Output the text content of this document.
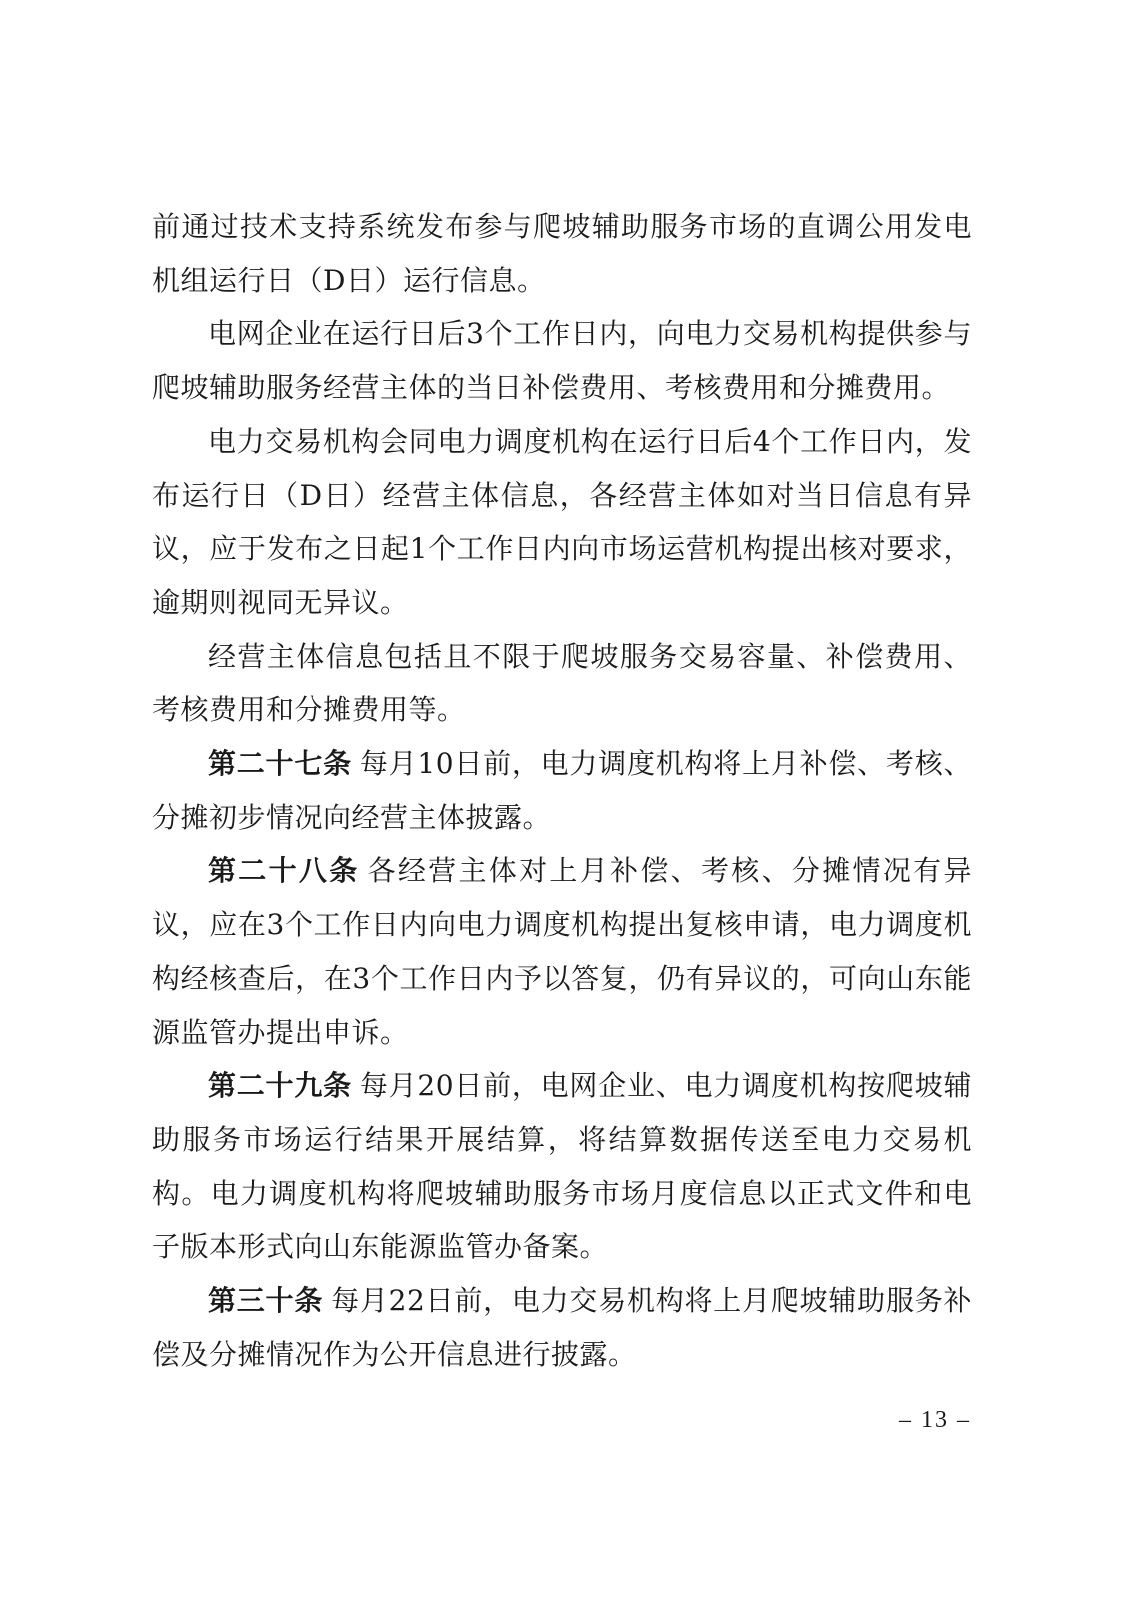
前通过技术支持系统发布参与爬坡辅助服务市场的直调公用发电机组运行日（D日）运行信息。

电网企业在运行日后3个工作日内，向电力交易机构提供参与爬坡辅助服务经营主体的当日补偿费用、考核费用和分摊费用。

电力交易机构会同电力调度机构在运行日后4个工作日内，发布运行日（D日）经营主体信息，各经营主体如对当日信息有异议，应于发布之日起1个工作日内向市场运营机构提出核对要求，逾期则视同无异议。

经营主体信息包括且不限于爬坡服务交易容量、补偿费用、考核费用和分摊费用等。

第二十七条 每月10日前，电力调度机构将上月补偿、考核、分摊初步情况向经营主体披露。

第二十八条 各经营主体对上月补偿、考核、分摊情况有异议，应在3个工作日内向电力调度机构提出复核申请，电力调度机构经核查后，在3个工作日内予以答复，仍有异议的，可向山东能源监管办提出申诉。

第二十九条 每月20日前，电网企业、电力调度机构按爬坡辅助服务市场运行结果开展结算，将结算数据传送至电力交易机构。电力调度机构将爬坡辅助服务市场月度信息以正式文件和电子版本形式向山东能源监管办备案。

第三十条 每月22日前，电力交易机构将上月爬坡辅助服务补偿及分摊情况作为公开信息进行披露。

– 13 –
